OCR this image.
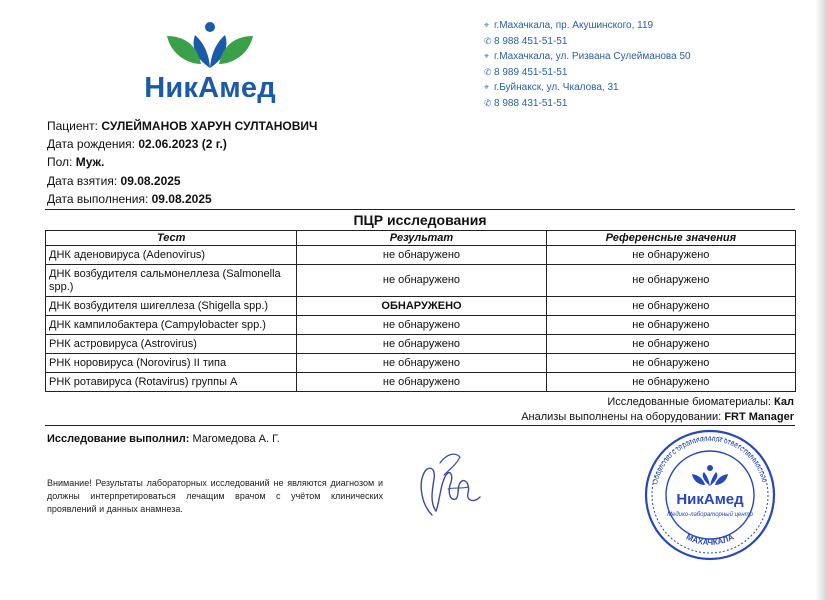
НикАмед
⌖ г.Махачкала, пр. Акушинского, 119
✆ 8 988 451-51-51
⌖ г.Махачкала, ул. Ризвана Сулейманова 50
✆ 8 989 451-51-51
⌖ г.Буйнакск, ул. Чкалова, 31
✆ 8 988 431-51-51
Пациент: СУЛЕЙМАНОВ ХАРУН СУЛТАНОВИЧ
Дата рождения: 02.06.2023 (2 г.)
Пол: Муж.
Дата взятия: 09.08.2025
Дата выполнения: 09.08.2025
ПЦР исследования
Тест	Результат	Референсные значения
ДНК аденовируса (Adenovirus)	не обнаружено	не обнаружено
ДНК возбудителя сальмонеллеза (Salmonella spp.)	не обнаружено	не обнаружено
ДНК возбудителя шигеллеза (Shigella spp.)	ОБНАРУЖЕНО	не обнаружено
ДНК кампилобактера (Campylobacter spp.)	не обнаружено	не обнаружено
РНК астровируса (Astrovirus)	не обнаружено	не обнаружено
РНК норовируса (Norovirus) II типа	не обнаружено	не обнаружено
РНК ротавируса (Rotavirus) группы А	не обнаружено	не обнаружено
Исследованные биоматериалы: Кал
Анализы выполнены на оборудовании: FRT Manager
Исследование выполнил: Магомедова А. Г.
Внимание! Результаты лабораторных исследований не являются диагнозом и должны интерпретироваться лечащим врачом с учётом клинических проявлений и данных анамнеза.
Общество с ограниченной ответственностью
МАХАЧКАЛА
НикАмед
Медико-лабораторный центр
